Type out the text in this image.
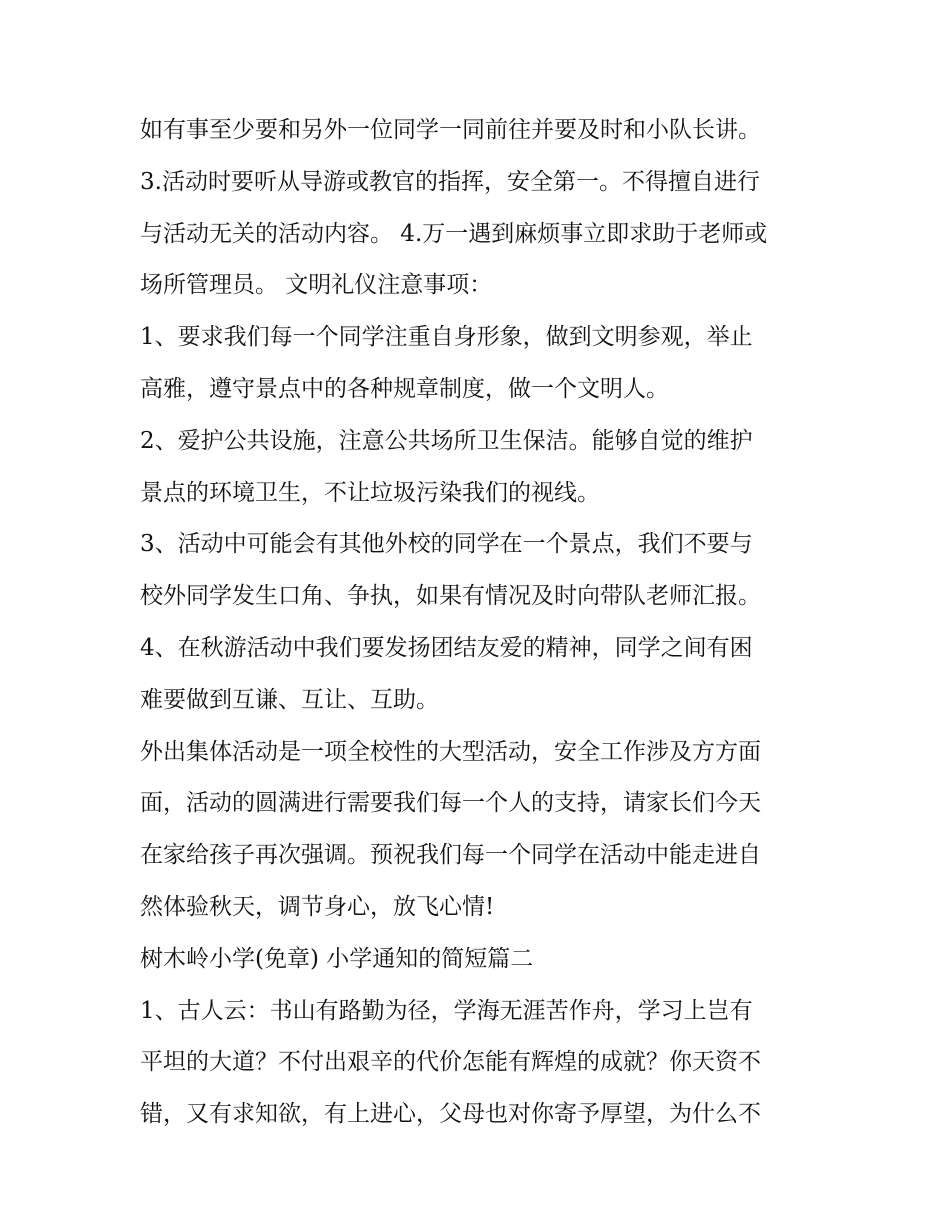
如有事至少要和另外一位同学一同前往并要及时和小队长讲。
3.活动时要听从导游或教官的指挥，安全第一。不得擅自进行
与活动无关的活动内容。 4.万一遇到麻烦事立即求助于老师或
场所管理员。 文明礼仪注意事项：
1、要求我们每一个同学注重自身形象，做到文明参观，举止
高雅，遵守景点中的各种规章制度，做一个文明人。
2、爱护公共设施，注意公共场所卫生保洁。能够自觉的维护
景点的环境卫生，不让垃圾污染我们的视线。
3、活动中可能会有其他外校的同学在一个景点，我们不要与
校外同学发生口角、争执，如果有情况及时向带队老师汇报。
4、在秋游活动中我们要发扬团结友爱的精神，同学之间有困
难要做到互谦、互让、互助。
外出集体活动是一项全校性的大型活动，安全工作涉及方方面
面，活动的圆满进行需要我们每一个人的支持，请家长们今天
在家给孩子再次强调。预祝我们每一个同学在活动中能走进自
然体验秋天，调节身心，放飞心情!
树木岭小学(免章) 小学通知的简短篇二
1、古人云：书山有路勤为径，学海无涯苦作舟，学习上岂有
平坦的大道？不付出艰辛的代价怎能有辉煌的成就？你天资不
错，又有求知欲，有上进心，父母也对你寄予厚望，为什么不
